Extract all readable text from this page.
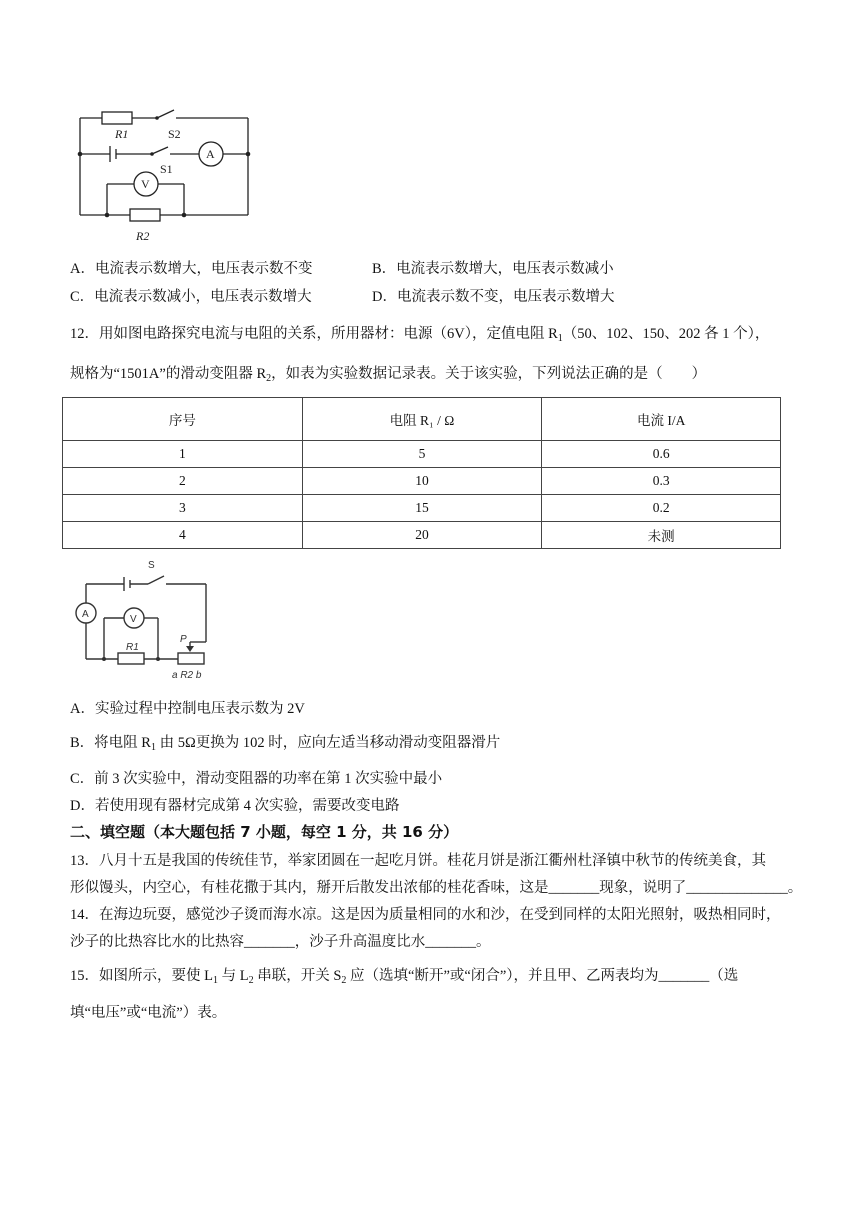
R1	S2
S1
A
V
R2
A．电流表示数增大，电压表示数不变	B．电流表示数增大，电压表示数减小
C．电流表示数减小，电压表示数增大	D．电流表示数不变，电压表示数增大
12．用如图电路探究电流与电阻的关系，所用器材：电源（6V），定值电阻 $R_1(50$、102、150、202 各 1 个），
规格为“1501A”的滑动变阻器 $R_2$，如表为实验数据记录表。关于该实验，下列说法正确的是（　　）
序号	电阻 R₁ / Ω	电流 I/A
1	5	0.6
2	10	0.3
3	15	0.2
4	20	未测
S
A	V
R1
P
a R2 b
A．实验过程中控制电压表示数为 2V
B．将电阻 $R_1$ 由 5Ω更换为 102 时，应向左适当移动滑动变阻器滑片
C．前 3 次实验中，滑动变阻器的功率在第 1 次实验中最小
D．若使用现有器材完成第 4 次实验，需要改变电路
二、填空题（本大题包括 7 小题，每空 1 分，共 16 分）
13．八月十五是我国的传统佳节，举家团圆在一起吃月饼。桂花月饼是浙江衢州杜泽镇中秋节的传统美食，其
形似馒头，内空心，有桂花撒于其内，掰开后散发出浓郁的桂花香味，这是_______现象，说明了______________。
14．在海边玩耍，感觉沙子烫而海水凉。这是因为质量相同的水和沙，在受到同样的太阳光照射，吸热相同时，
沙子的比热容比水的比热容_______，沙子升高温度比水_______。
15．如图所示，要使 $L_1$ 与 $L_2$ 串联，开关 $S_2$ 应（选填“断开”或“闭合”），并且甲、乙两表均为_______（选
填“电压”或“电流”）表。
